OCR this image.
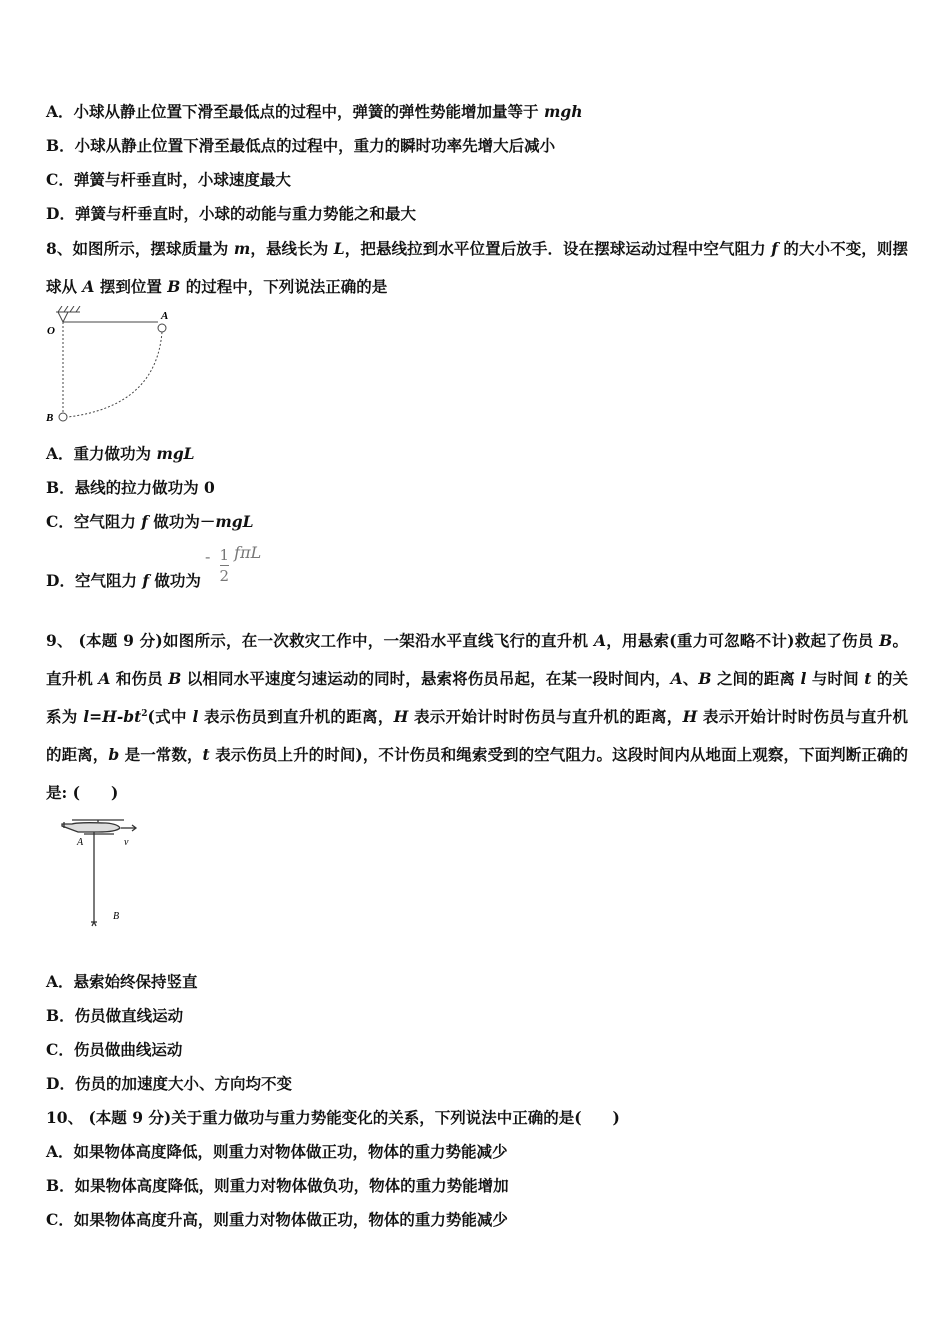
A．小球从静止位置下滑至最低点的过程中，弹簧的弹性势能增加量等于 mgh
B．小球从静止位置下滑至最低点的过程中，重力的瞬时功率先增大后减小
C．弹簧与杆垂直时，小球速度最大
D．弹簧与杆垂直时，小球的动能与重力势能之和最大
8、如图所示，摆球质量为 m，悬线长为 L，把悬线拉到水平位置后放手．设在摆球运动过程中空气阻力 f 的大小不变，则摆球从 A 摆到位置 B 的过程中，下列说法正确的是
O
A
B
A．重力做功为 mgL
B．悬线的拉力做功为 0
C．空气阻力 f 做功为－mgL
D．空气阻力 f 做功为
- $\frac{1}{2}$ fπL
9、 (本题 9 分)如图所示，在一次救灾工作中，一架沿水平直线飞行的直升机 A，用悬索(重力可忽略不计)救起了伤员 B。直升机 A 和伤员 B 以相同水平速度匀速运动的同时，悬索将伤员吊起，在某一段时间内，A、B 之间的距离 l 与时间 t 的关系为 $l=H-bt^2$(式中 l 表示伤员到直升机的距离，H 表示开始计时时伤员与直升机的距离，H 表示开始计时时伤员与直升机的距离，b 是一常数，t 表示伤员上升的时间)，不计伤员和绳索受到的空气阻力。这段时间内从地面上观察，下面判断正确的是: (　　)
A	v
B
A．悬索始终保持竖直
B．伤员做直线运动
C．伤员做曲线运动
D．伤员的加速度大小、方向均不变
10、 (本题 9 分)关于重力做功与重力势能变化的关系，下列说法中正确的是(　　)
A．如果物体高度降低，则重力对物体做正功，物体的重力势能减少
B．如果物体高度降低，则重力对物体做负功，物体的重力势能增加
C．如果物体高度升高，则重力对物体做正功，物体的重力势能减少
